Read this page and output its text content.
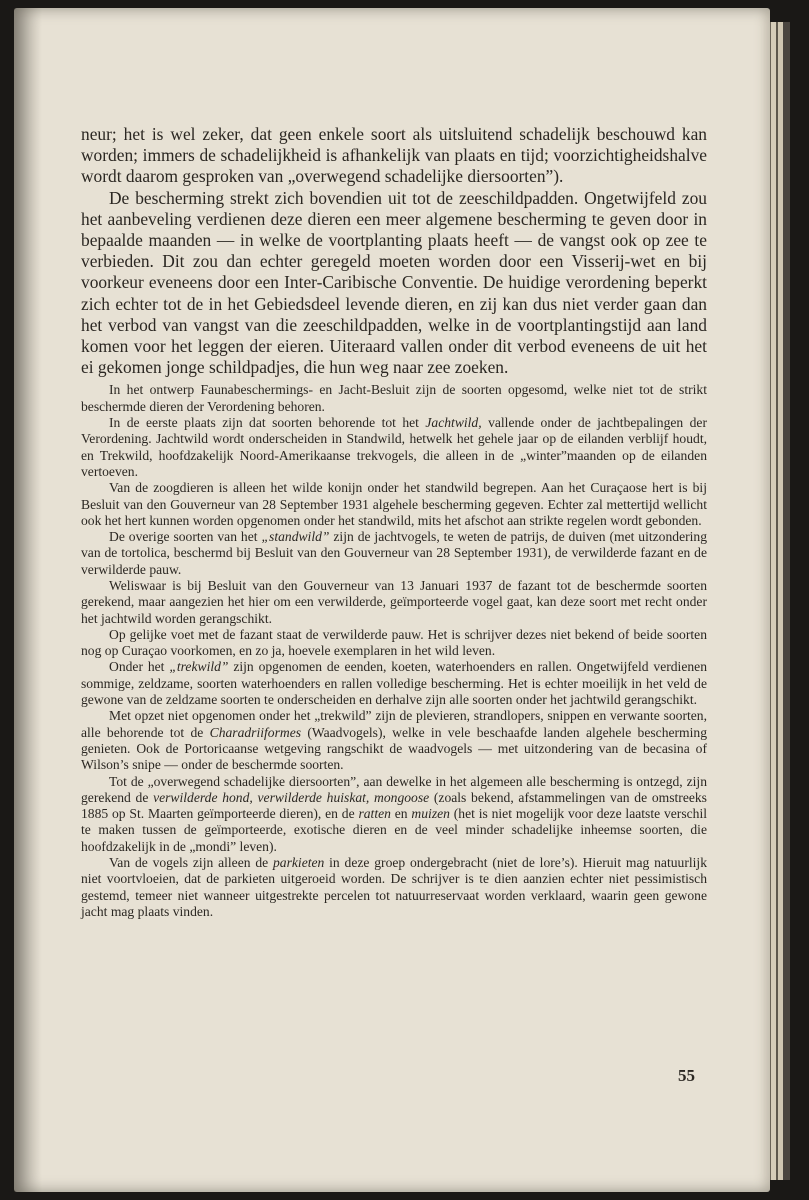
neur; het is wel zeker, dat geen enkele soort als uitsluitend schadelijk beschouwd kan worden; immers de schadelijkheid is afhankelijk van plaats en tijd; voorzichtigheidshalve wordt daarom gesproken van „overwegend schadelijke diersoorten”).

De bescherming strekt zich bovendien uit tot de zeeschildpadden. Ongetwijfeld zou het aanbeveling verdienen deze dieren een meer algemene bescherming te geven door in bepaalde maanden — in welke de voortplanting plaats heeft — de vangst ook op zee te verbieden. Dit zou dan echter geregeld moeten worden door een Visserij-wet en bij voorkeur eveneens door een Inter-Caribische Conventie. De huidige verordening beperkt zich echter tot de in het Gebiedsdeel levende dieren, en zij kan dus niet verder gaan dan het verbod van vangst van die zeeschildpadden, welke in de voortplantingstijd aan land komen voor het leggen der eieren. Uiteraard vallen onder dit verbod eveneens de uit het ei gekomen jonge schildpadjes, die hun weg naar zee zoeken.

In het ontwerp Faunabeschermings- en Jacht-Besluit zijn de soorten opgesomd, welke niet tot de strikt beschermde dieren der Verordening behoren.

In de eerste plaats zijn dat soorten behorende tot het Jachtwild, vallende onder de jachtbepalingen der Verordening. Jachtwild wordt onderscheiden in Standwild, hetwelk het gehele jaar op de eilanden verblijf houdt, en Trekwild, hoofdzakelijk Noord-Amerikaanse trekvogels, die alleen in de „winter”maanden op de eilanden vertoeven.

Van de zoogdieren is alleen het wilde konijn onder het standwild begrepen. Aan het Curaçaose hert is bij Besluit van den Gouverneur van 28 September 1931 algehele bescherming gegeven. Echter zal mettertijd wellicht ook het hert kunnen worden opgenomen onder het standwild, mits het afschot aan strikte regelen wordt gebonden.

De overige soorten van het „standwild” zijn de jachtvogels, te weten de patrijs, de duiven (met uitzondering van de tortolica, beschermd bij Besluit van den Gouverneur van 28 September 1931), de verwilderde fazant en de verwilderde pauw.

Weliswaar is bij Besluit van den Gouverneur van 13 Januari 1937 de fazant tot de beschermde soorten gerekend, maar aangezien het hier om een verwilderde, geïmporteerde vogel gaat, kan deze soort met recht onder het jachtwild worden gerangschikt.

Op gelijke voet met de fazant staat de verwilderde pauw. Het is schrijver dezes niet bekend of beide soorten nog op Curaçao voorkomen, en zo ja, hoevele exemplaren in het wild leven.

Onder het „trekwild” zijn opgenomen de eenden, koeten, waterhoenders en rallen. Ongetwijfeld verdienen sommige, zeldzame, soorten waterhoenders en rallen volledige bescherming. Het is echter moeilijk in het veld de gewone van de zeldzame soorten te onderscheiden en derhalve zijn alle soorten onder het jachtwild gerangschikt.

Met opzet niet opgenomen onder het „trekwild” zijn de plevieren, strandlopers, snippen en verwante soorten, alle behorende tot de Charadriiformes (Waadvogels), welke in vele beschaafde landen algehele bescherming genieten. Ook de Portoricaanse wetgeving rangschikt de waadvogels — met uitzondering van de becasina of Wilson’s snipe — onder de beschermde soorten.

Tot de „overwegend schadelijke diersoorten”, aan dewelke in het algemeen alle bescherming is ontzegd, zijn gerekend de verwilderde hond, verwilderde huiskat, mongoose (zoals bekend, afstammelingen van de omstreeks 1885 op St. Maarten geïmporteerde dieren), en de ratten en muizen (het is niet mogelijk voor deze laatste verschil te maken tussen de geïmporteerde, exotische dieren en de veel minder schadelijke inheemse soorten, die hoofdzakelijk in de „mondi” leven).

Van de vogels zijn alleen de parkieten in deze groep ondergebracht (niet de lore’s). Hieruit mag natuurlijk niet voortvloeien, dat de parkieten uitgeroeid worden. De schrijver is te dien aanzien echter niet pessimistisch gestemd, temeer niet wanneer uitgestrekte percelen tot natuurreservaat worden verklaard, waarin geen gewone jacht mag plaats vinden.

55
